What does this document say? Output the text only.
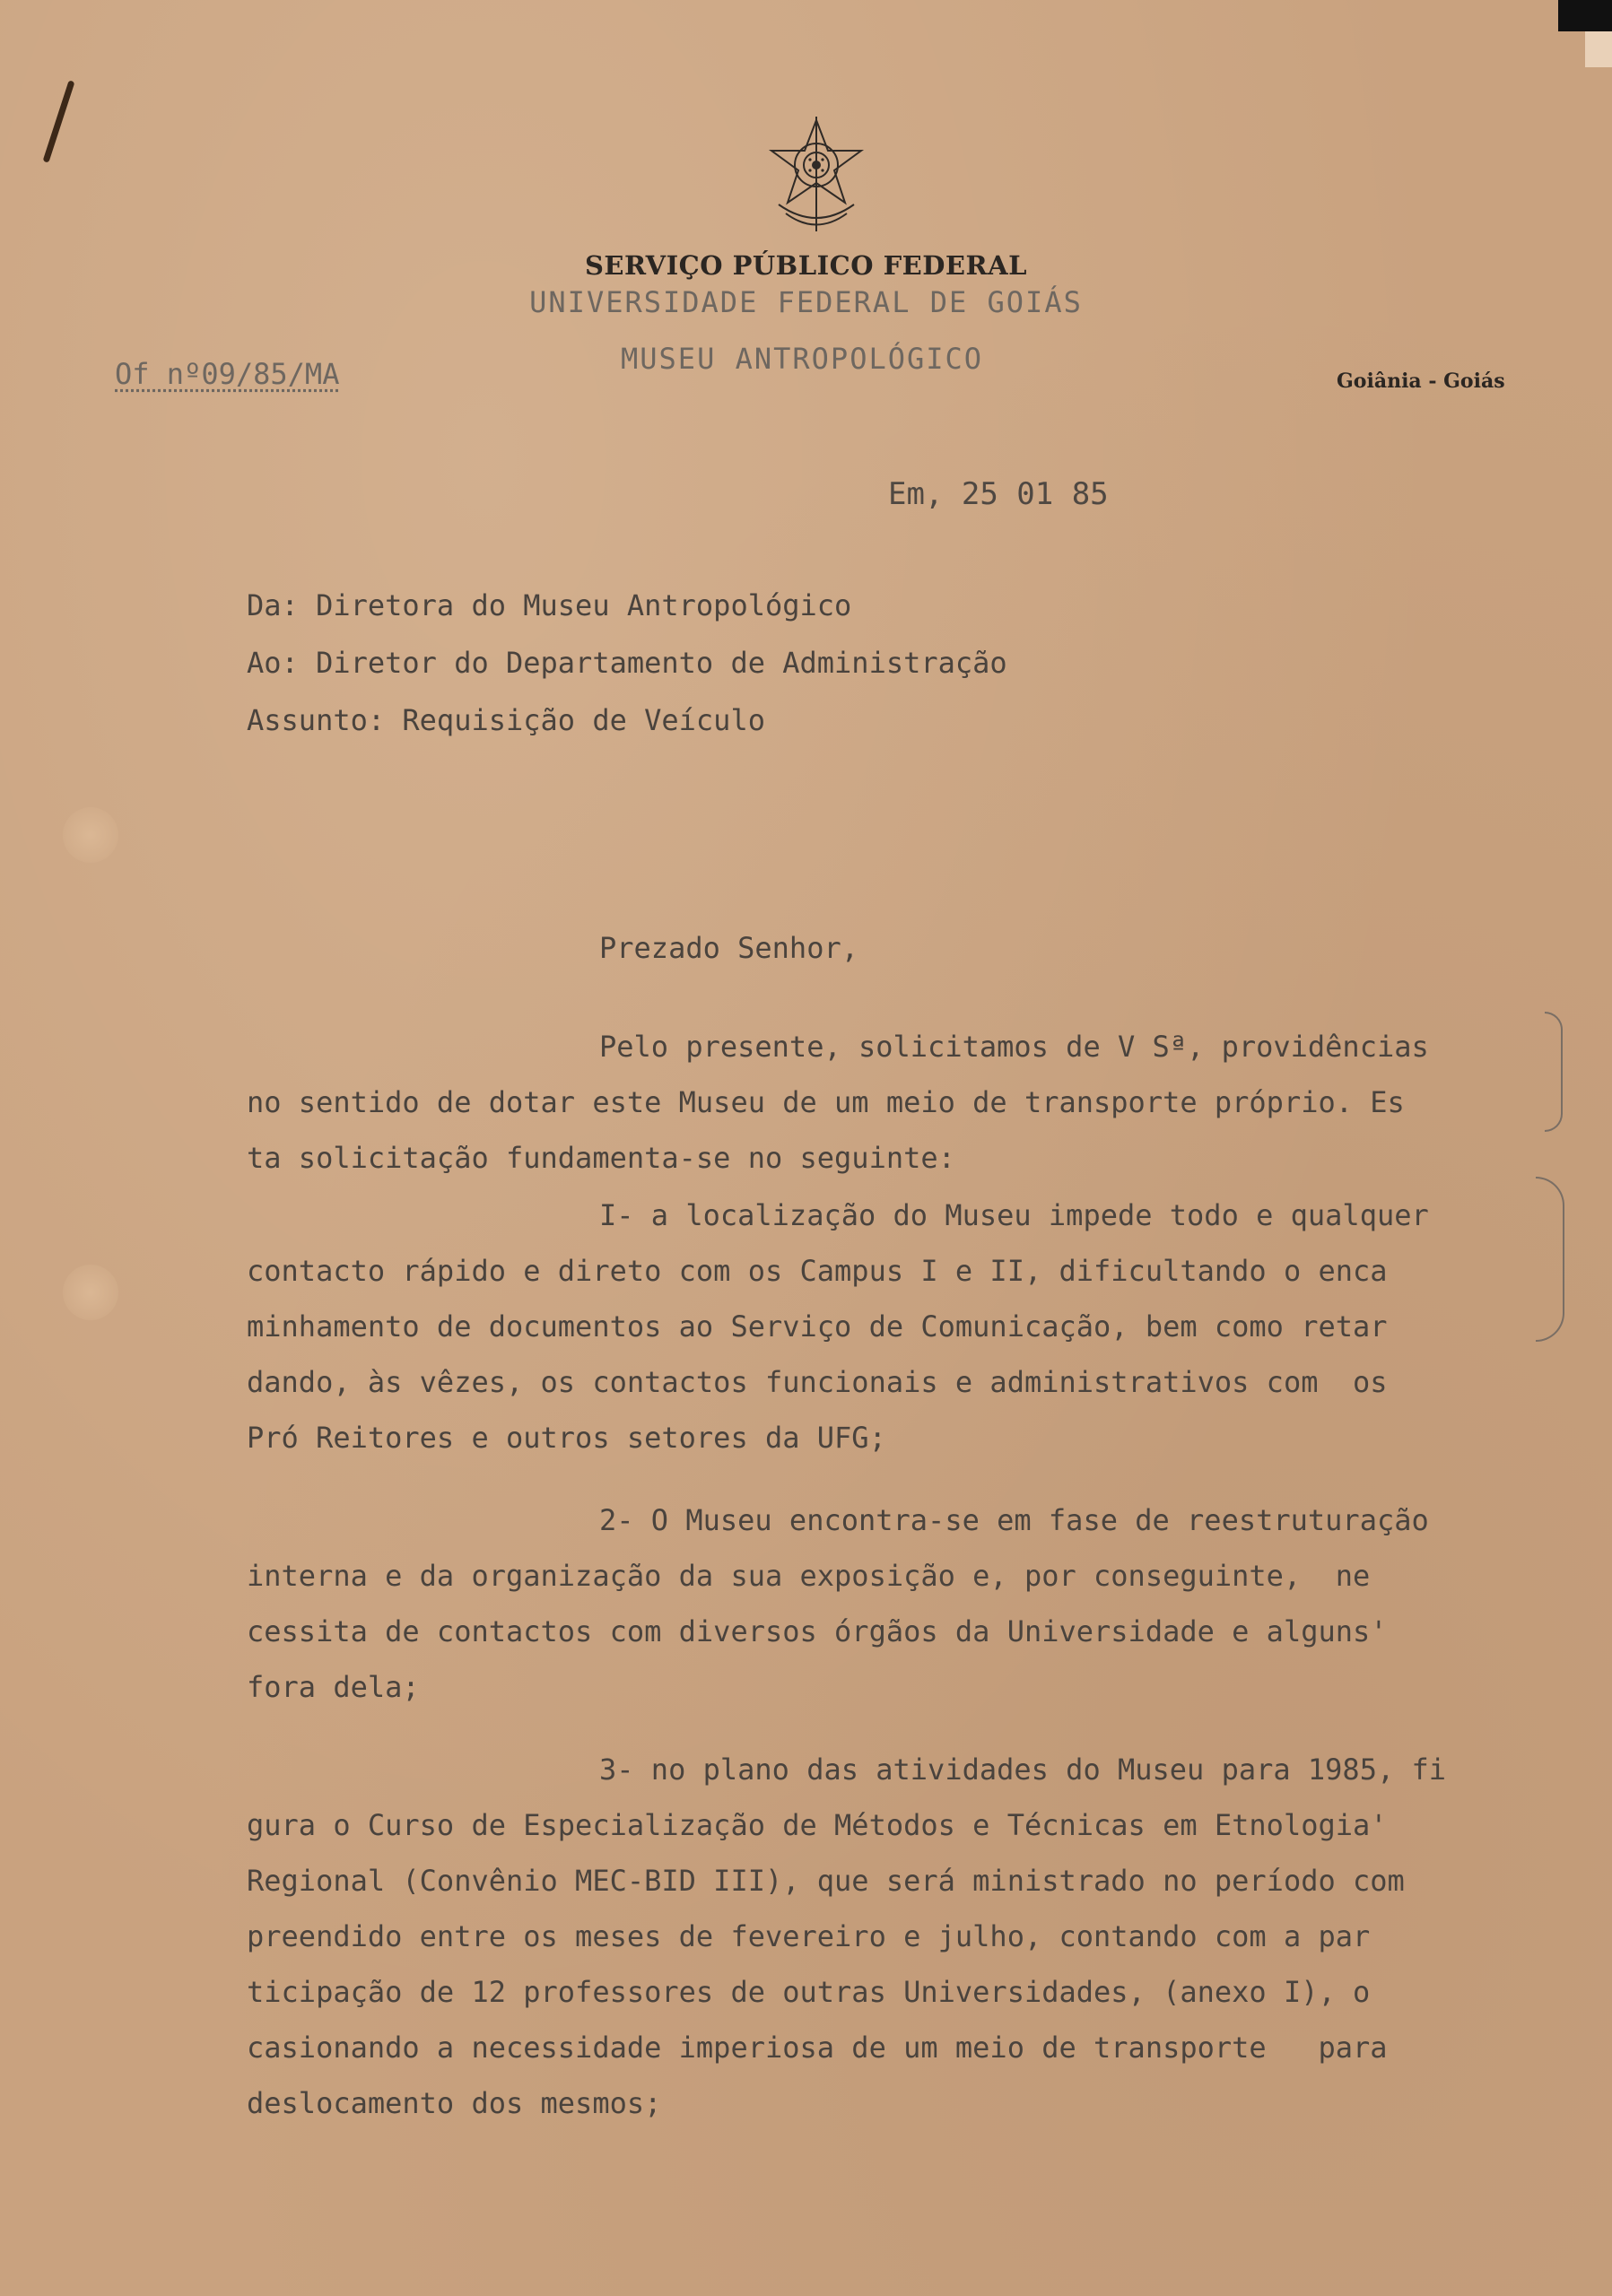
SERVIÇO PÚBLICO FEDERAL
UNIVERSIDADE FEDERAL DE GOIÁS
MUSEU ANTROPOLÓGICO
Of nº09/85/MA	Goiânia - Goiás
Em, 25 01 85
Da: Diretora do Museu Antropológico
Ao: Diretor do Departamento de Administração
Assunto: Requisição de Veículo
Prezado Senhor,
Pelo presente, solicitamos de V Sª, providências
no sentido de dotar este Museu de um meio de transporte próprio. Es
ta solicitação fundamenta-se no seguinte:
I- a localização do Museu impede todo e qualquer
contacto rápido e direto com os Campus I e II, dificultando o enca
minhamento de documentos ao Serviço de Comunicação, bem como retar
dando, às vêzes, os contactos funcionais e administrativos com  os
Pró Reitores e outros setores da UFG;
2- O Museu encontra-se em fase de reestruturação
interna e da organização da sua exposição e, por conseguinte,  ne
cessita de contactos com diversos órgãos da Universidade e alguns'
fora dela;
3- no plano das atividades do Museu para 1985, fi
gura o Curso de Especialização de Métodos e Técnicas em Etnologia'
Regional (Convênio MEC-BID III), que será ministrado no período com
preendido entre os meses de fevereiro e julho, contando com a par
ticipação de 12 professores de outras Universidades, (anexo I), o
casionando a necessidade imperiosa de um meio de transporte   para
deslocamento dos mesmos;
